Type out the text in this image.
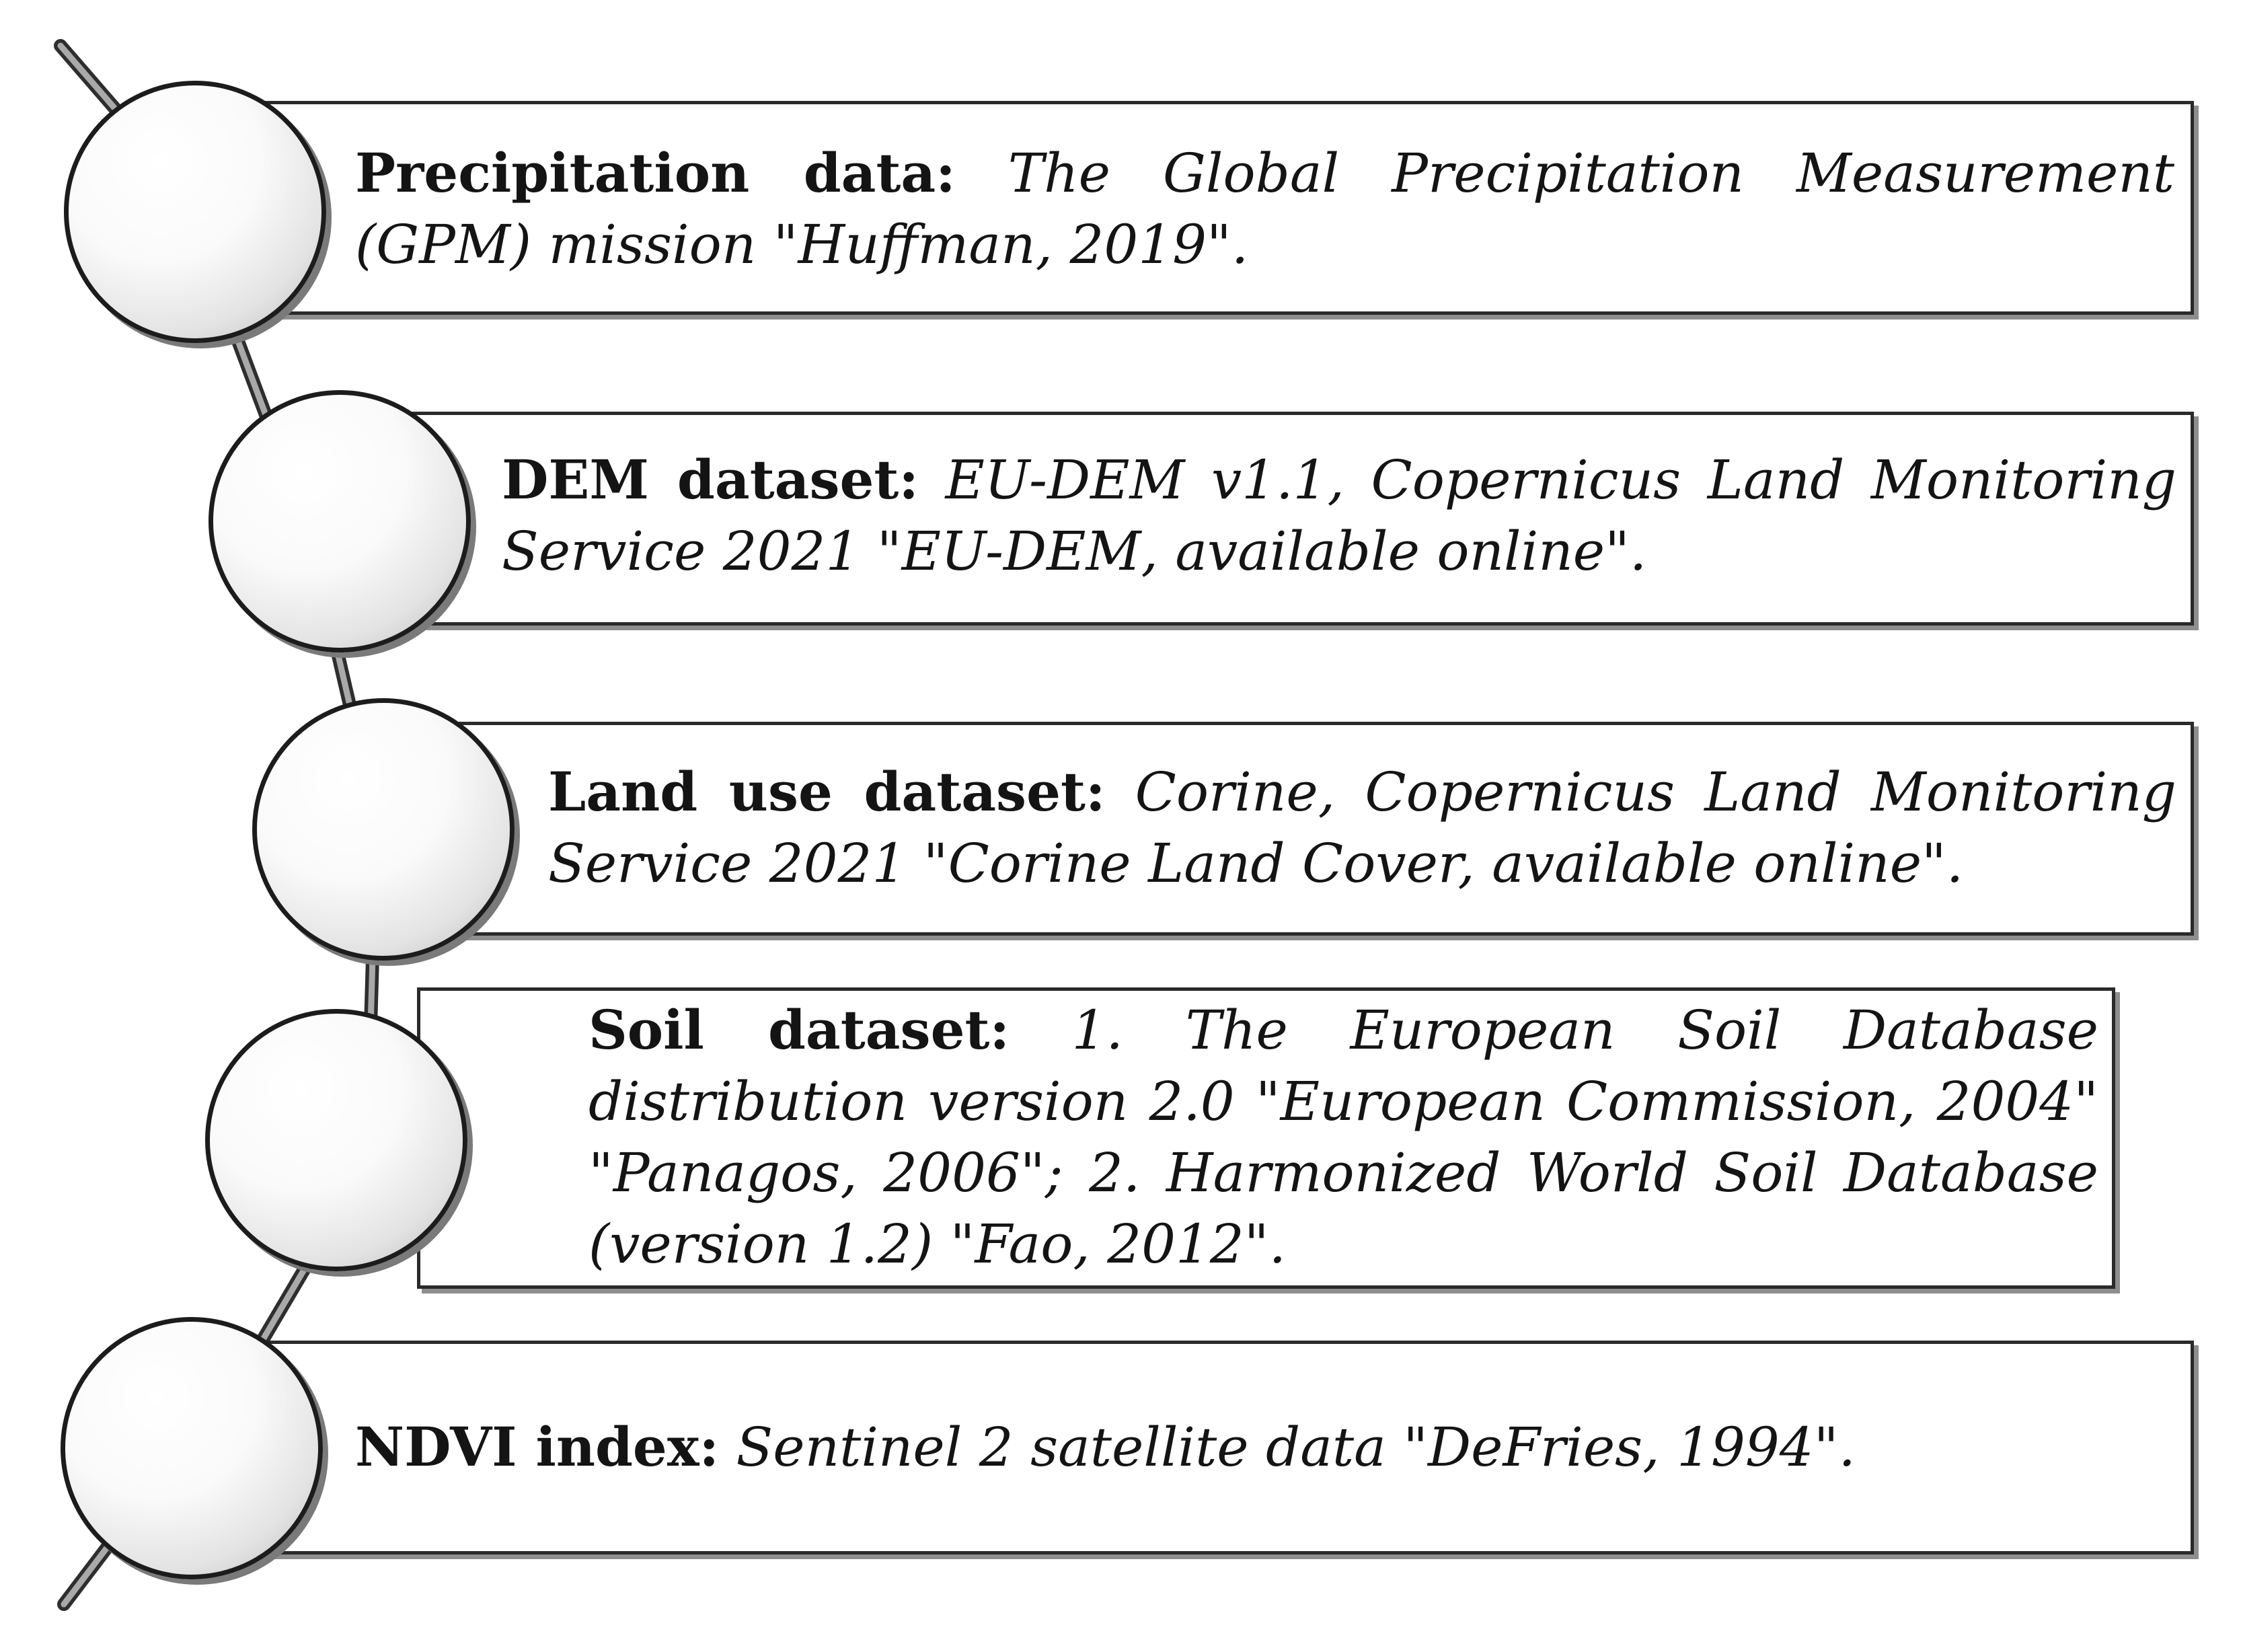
Precipitation data: The Global Precipitation Measurement (GPM) mission "Huffman, 2019".
DEM dataset: EU-DEM v1.1, Copernicus Land Monitoring Service 2021 "EU-DEM, available online".
Land use dataset: Corine, Copernicus Land Monitoring Service 2021 "Corine Land Cover, available online".
Soil dataset: 1. The European Soil Database distribution version 2.0 "European Commission, 2004" "Panagos, 2006"; 2. Harmonized World Soil Database (version 1.2) "Fao, 2012".
NDVI index: Sentinel 2 satellite data "DeFries, 1994".
